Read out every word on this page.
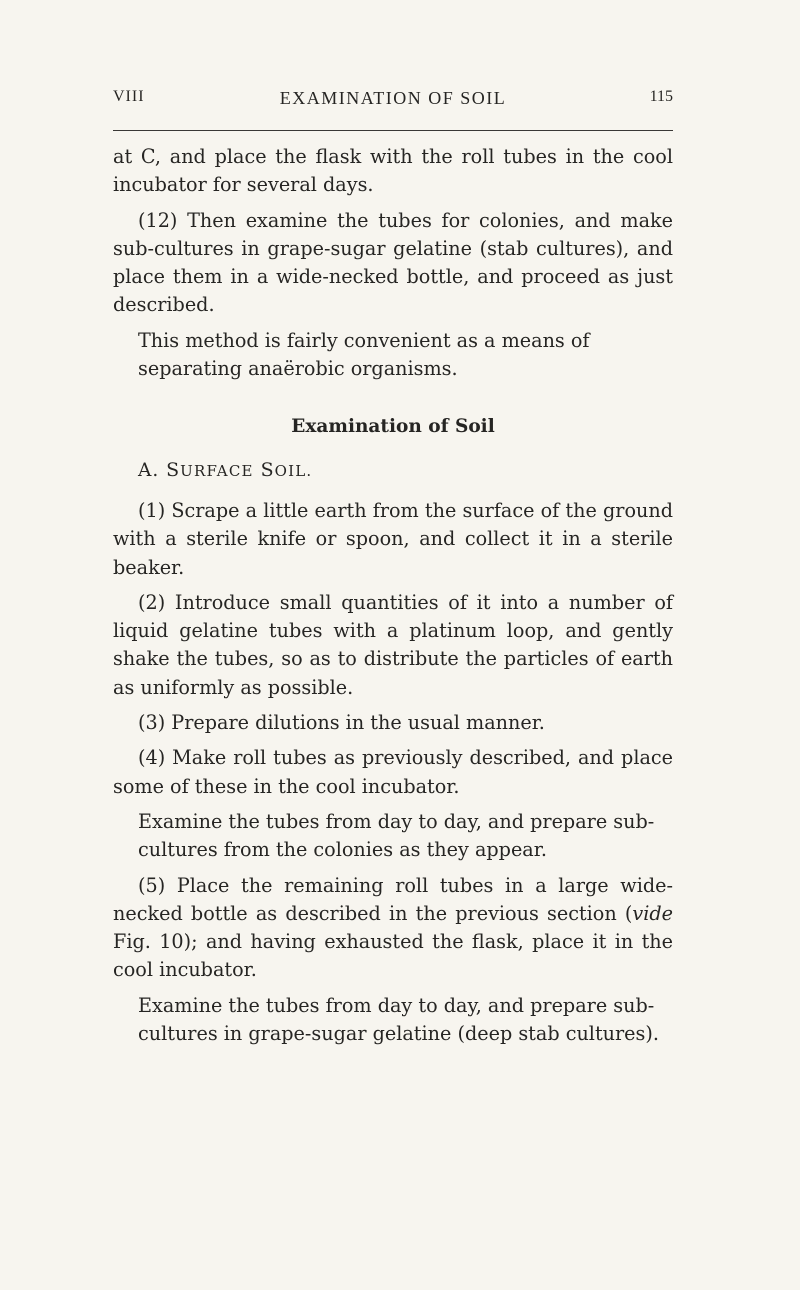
VIII	EXAMINATION OF SOIL	115

at C, and place the flask with the roll tubes in the cool incubator for several days.

(12) Then examine the tubes for colonies, and make sub-cultures in grape-sugar gelatine (stab cultures), and place them in a wide-necked bottle, and proceed as just described.

This method is fairly convenient as a means of separating anaërobic organisms.

Examination of Soil

A. SURFACE SOIL.

(1) Scrape a little earth from the surface of the ground with a sterile knife or spoon, and collect it in a sterile beaker.

(2) Introduce small quantities of it into a number of liquid gelatine tubes with a platinum loop, and gently shake the tubes, so as to distribute the particles of earth as uniformly as possible.

(3) Prepare dilutions in the usual manner.

(4) Make roll tubes as previously described, and place some of these in the cool incubator.

Examine the tubes from day to day, and prepare sub-cultures from the colonies as they appear.

(5) Place the remaining roll tubes in a large wide-necked bottle as described in the previous section (vide Fig. 10); and having exhausted the flask, place it in the cool incubator.

Examine the tubes from day to day, and prepare sub-cultures in grape-sugar gelatine (deep stab cultures).
